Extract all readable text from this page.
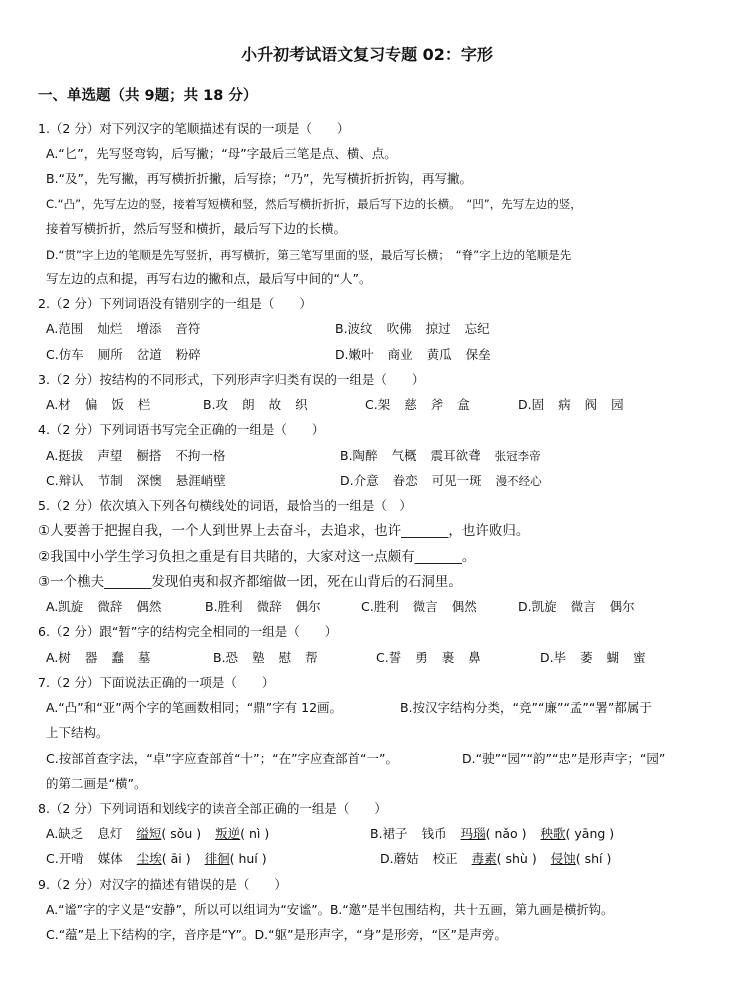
小升初考试语文复习专题 02：字形
一、单选题（共 9题；共 18 分）
1.（2 分）对下列汉字的笔顺描述有误的一项是（　　）
A.“匕”，先写竖弯钩，后写撇；“母”字最后三笔是点、横、点。
B.“及”，先写撇，再写横折折撇，后写捺；“乃”，先写横折折折钩，再写撇。
C.“凸”，先写左边的竖，接着写短横和竖，然后写横折折折，最后写下边的长横。　“凹”，先写左边的竖，
接着写横折折，然后写竖和横折，最后写下边的长横。
D.“贯”字上边的笔顺是先写竖折，再写横折，第三笔写里面的竖，最后写长横；　“脊”字上边的笔顺是先
写左边的点和提，再写右边的撇和点，最后写中间的“人”。
2.（2 分）下列词语没有错别字的一组是（　　）
A.范围 灿烂 增添 音符	B.波纹 吹佛 掠过 忘纪
C.仿车 厕所 岔道 粉碎	D.嫩叶 商业 黄瓜 保垒
3.（2 分）按结构的不同形式，下列形声字归类有误的一组是（　　）
A.材 偏 饭 栏	B.攻 朗 故 织	C.架 慈 斧 盒	D.固 病 阀 园
4.（2 分）下列词语书写完全正确的一组是（　　）
A.挺拔 声望 橱搭 不拘一格	B.陶醉 气概 震耳欲聋 张冠李帝
C.辩认 节制 深懊 悬涯峭壁	D.介意 眷恋 可见一斑 漫不经心
5.（2 分）依次填入下列各句横线处的词语，最恰当的一组是（　）
①人要善于把握自我，一个人到世界上去奋斗，去追求，也许_______，也许败归。
②我国中小学生学习负担之重是有目共睹的，大家对这一点颇有_______。
③一个樵夫_______发现伯夷和叔齐都缩做一团，死在山背后的石洞里。
A.凯旋 微辞 偶然	B.胜利 微辞 偶尔	C.胜利 微言 偶然	D.凯旋 微言 偶尔
6.（2 分）跟“暂”字的结构完全相同的一组是（　　）
A.树 器 蠢 墓	B.恐 塾 慰 帮	C.誓 勇 裹 鼻	D.毕 萎 蝴 蜜
7.（2 分）下面说法正确的一项是（　　）
A.“凸”和“亚”两个字的笔画数相同；“鼎”字有 12画。	B.按汉字结构分类，“竞”“廉”“孟”“署”都属于
上下结构。
C.按部首查字法，“卓”字应查部首“十”；“在”字应查部首“一”。	D.“驶”“园”“韵”“忠”是形声字；“园”
的第二画是“横”。
8.（2 分）下列词语和划线字的读音全部正确的一组是（　　）
A.缺乏 息灯 缢短( sǒu ) 叛逆( nì )	B.裙子 钱币 玛瑙( nǎo ) 秧歌( yāng )
C.开啃 媒体 尘埃( āi ) 徘徊( huí )	D.蘑姑 校正 毒素( shù ) 侵蚀( shí )
9.（2 分）对汉字的描述有错误的是（　　）
A.“谧”字的字义是“安静”，所以可以组词为“安谧”。B.“邀”是半包围结构，共十五画，第九画是横折钩。
C.“蕴”是上下结构的字，音序是“Y”。D.“躯”是形声字，“身”是形旁，“区”是声旁。
